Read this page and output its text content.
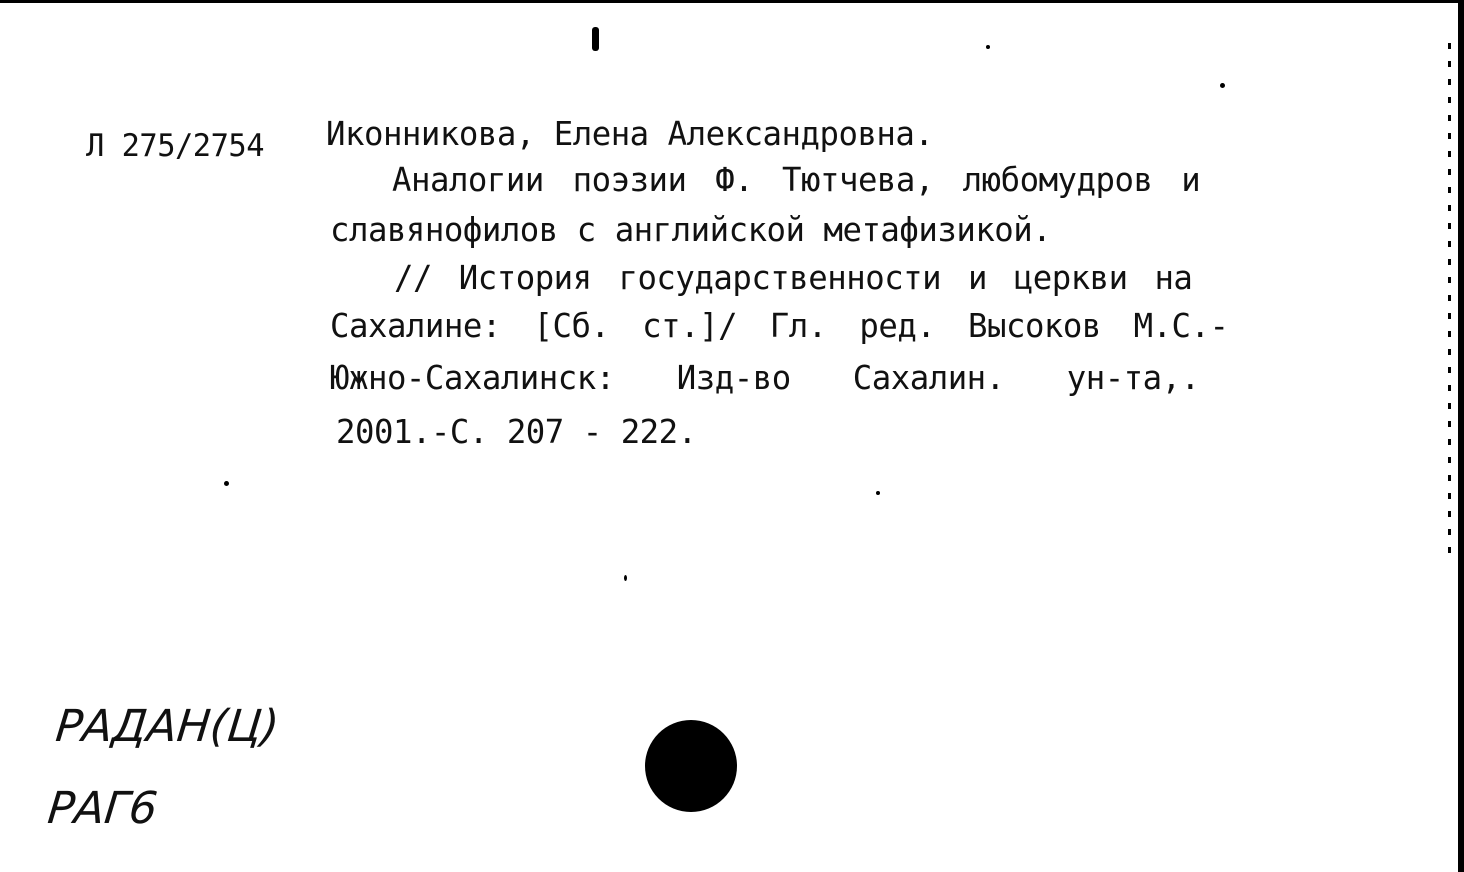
Л 275/2754 Иконникова, Елена Александровна.
Аналогии поэзии Ф. Тютчева, любомудров и
славянофилов с английской метафизикой.
// История государственности и церкви на
Сахалине: [Сб. ст.]/ Гл. ред. Высоков М.С.-
Южно-Сахалинск: Изд-во Сахалин. ун-та,.
2001.-С. 207 - 222.
РАДАН(Ц)
РАГ6
